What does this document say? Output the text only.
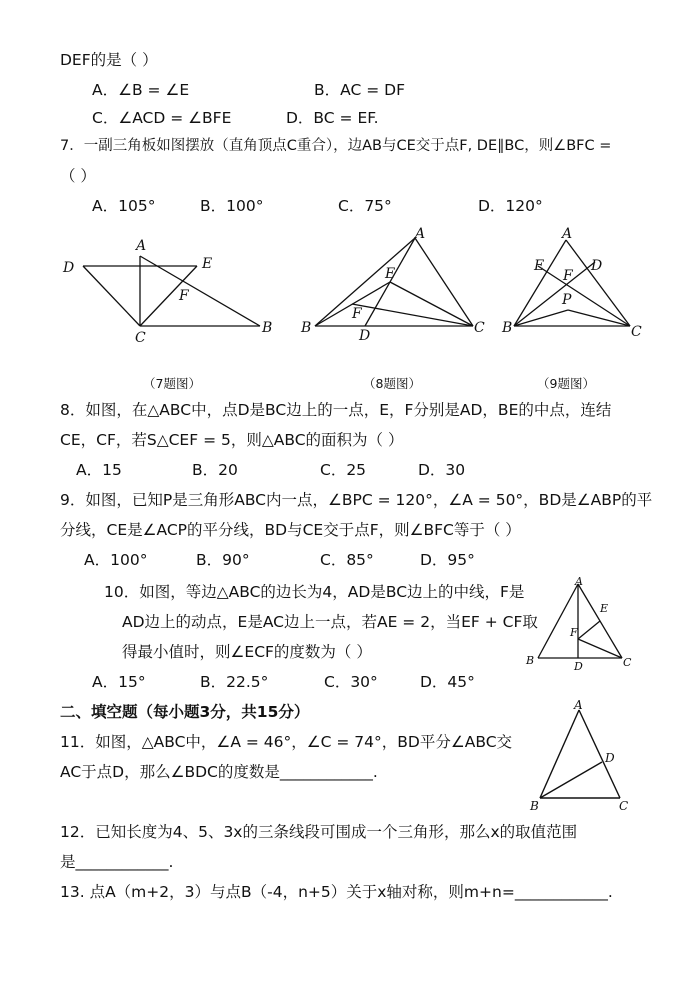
DEF的是（ ）
A．∠B = ∠E	B．AC = DF
C．∠ACD = ∠BFE	D．BC = EF.
7．一副三角板如图摆放（直角顶点C重合），边AB与CE交于点F, DE∥BC，则∠BFC =
（ ）
A．105°	B．100°	C．75°	D．120°
D
A
E
F
C
B
A
E
F
B	D	C
A
E	D
F
P
B	C
（7题图）	（8题图）	（9题图）
8．如图，在△ABC中，点D是BC边上的一点，E，F分别是AD，BE的中点，连结
CE，CF，若S△CEF = 5，则△ABC的面积为（ ）
A．15	B．20	C．25	D．30
9．如图，已知P是三角形ABC内一点，∠BPC = 120°，∠A = 50°，BD是∠ABP的平
分线，CE是∠ACP的平分线，BD与CE交于点F，则∠BFC等于（ ）
A．100°	B．90°	C．85°	D．95°
10．如图，等边△ABC的边长为4，AD是BC边上的中线，F是
AD边上的动点，E是AC边上一点，若AE = 2，当EF + CF取
得最小值时，则∠ECF的度数为（ ）
A
E
F
B	D	C
A．15°	B．22.5°	C．30°	D．45°
二、填空题（每小题3分，共15分）
11．如图，△ABC中，∠A = 46°，∠C = 74°，BD平分∠ABC交
AC于点D，那么∠BDC的度数是____________.
A
D
B	C
12．已知长度为4、5、3x的三条线段可围成一个三角形，那么x的取值范围
是____________.
13. 点A（m+2，3）与点B（-4，n+5）关于x轴对称，则m+n=____________.
